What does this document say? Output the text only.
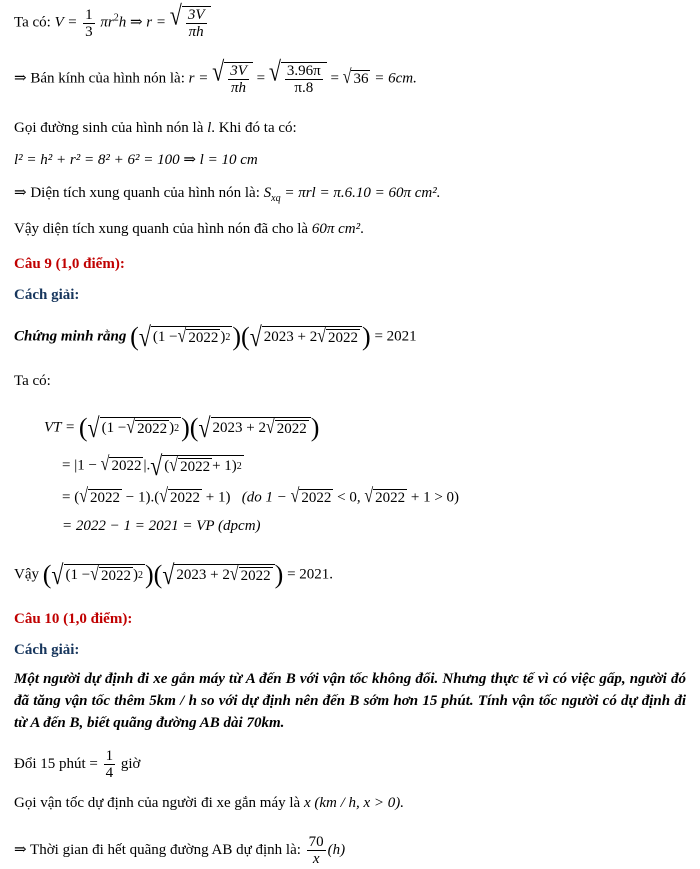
Ta có: $V = \frac{1}{3} \pi r^2h$ ⇒ r = √ $\frac{3V}{\pi h}$
⇒ Bán kính của hình nón là: r = √ $\frac{3V}{\pi h}$ = √ $\frac{3.96\pi}{\pi.8}$ = √ 36 = 6cm.
Gọi đường sinh của hình nón là l. Khi đó ta có:
l² = h² + r² = 8² + 6² = 100 ⇒ l = 10 cm
⇒ Diện tích xung quanh của hình nón là: $S_{xq} = \pi rl = \pi.6.10 = 60\pi$ cm².
Vậy diện tích xung quanh của hình nón đã cho là 60π cm².
Câu 9 (1,0 điểm):
Cách giải:
Chứng minh rằng ( √ (1 − √ 2022 ) 2 )( √ 2023 + 2 √ 2022 ) = 2021
Ta có:
VT = ( √ (1 − √ 2022 ) 2 )( √ 2023 + 2 √ 2022 )
= |1 − √ 2022 |. √ ( √ 2022 + 1) 2
= ( √ 2022 − 1).( √ 2022 + 1) (do 1 − √ 2022 < 0, √ 2022 + 1 > 0)
= 2022 − 1 = 2021 = VP (dpcm)
Vậy ( √ (1 − √ 2022 ) 2 )( √ 2023 + 2 √ 2022 ) = 2021.
Câu 10 (1,0 điểm):
Cách giải:
Một người dự định đi xe gắn máy từ A đến B với vận tốc không đổi. Nhưng thực tế vì có việc gấp, người đó đã tăng vận tốc thêm 5km / h so với dự định nên đến B sớm hơn 15 phút. Tính vận tốc người có dự định đi từ A đến B, biết quãng đường AB dài 70km.
Đổi 15 phút = $\frac{1}{4}$ giờ
Gọi vận tốc dự định của người đi xe gắn máy là x (km / h, x > 0).
⇒ Thời gian đi hết quãng đường AB dự định là: $\frac{70}{x} (h)$
